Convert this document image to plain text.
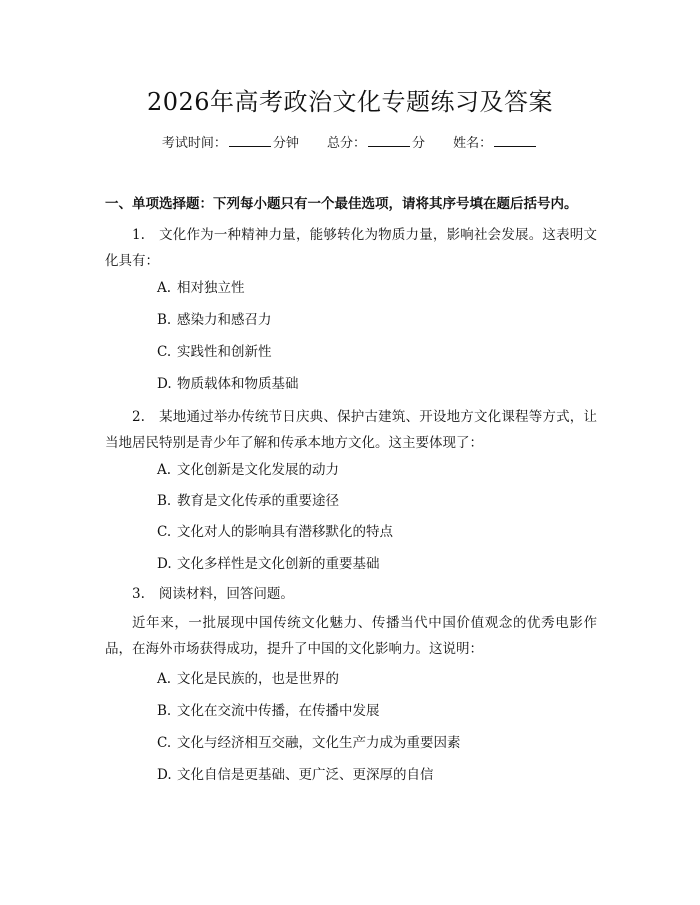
2026年高考政治文化专题练习及答案
考试时间：	分钟 总分：	分 姓名：
一、单项选择题：下列每小题只有一个最佳选项，请将其序号填在题后括号内。
1. 文化作为一种精神力量，能够转化为物质力量，影响社会发展。这表明文化具有：
A. 相对独立性
B. 感染力和感召力
C. 实践性和创新性
D. 物质载体和物质基础
2. 某地通过举办传统节日庆典、保护古建筑、开设地方文化课程等方式，让当地居民特别是青少年了解和传承本地方文化。这主要体现了：
A. 文化创新是文化发展的动力
B. 教育是文化传承的重要途径
C. 文化对人的影响具有潜移默化的特点
D. 文化多样性是文化创新的重要基础
3. 阅读材料，回答问题。
近年来，一批展现中国传统文化魅力、传播当代中国价值观念的优秀电影作品，在海外市场获得成功，提升了中国的文化影响力。这说明：
A. 文化是民族的，也是世界的
B. 文化在交流中传播，在传播中发展
C. 文化与经济相互交融，文化生产力成为重要因素
D. 文化自信是更基础、更广泛、更深厚的自信
